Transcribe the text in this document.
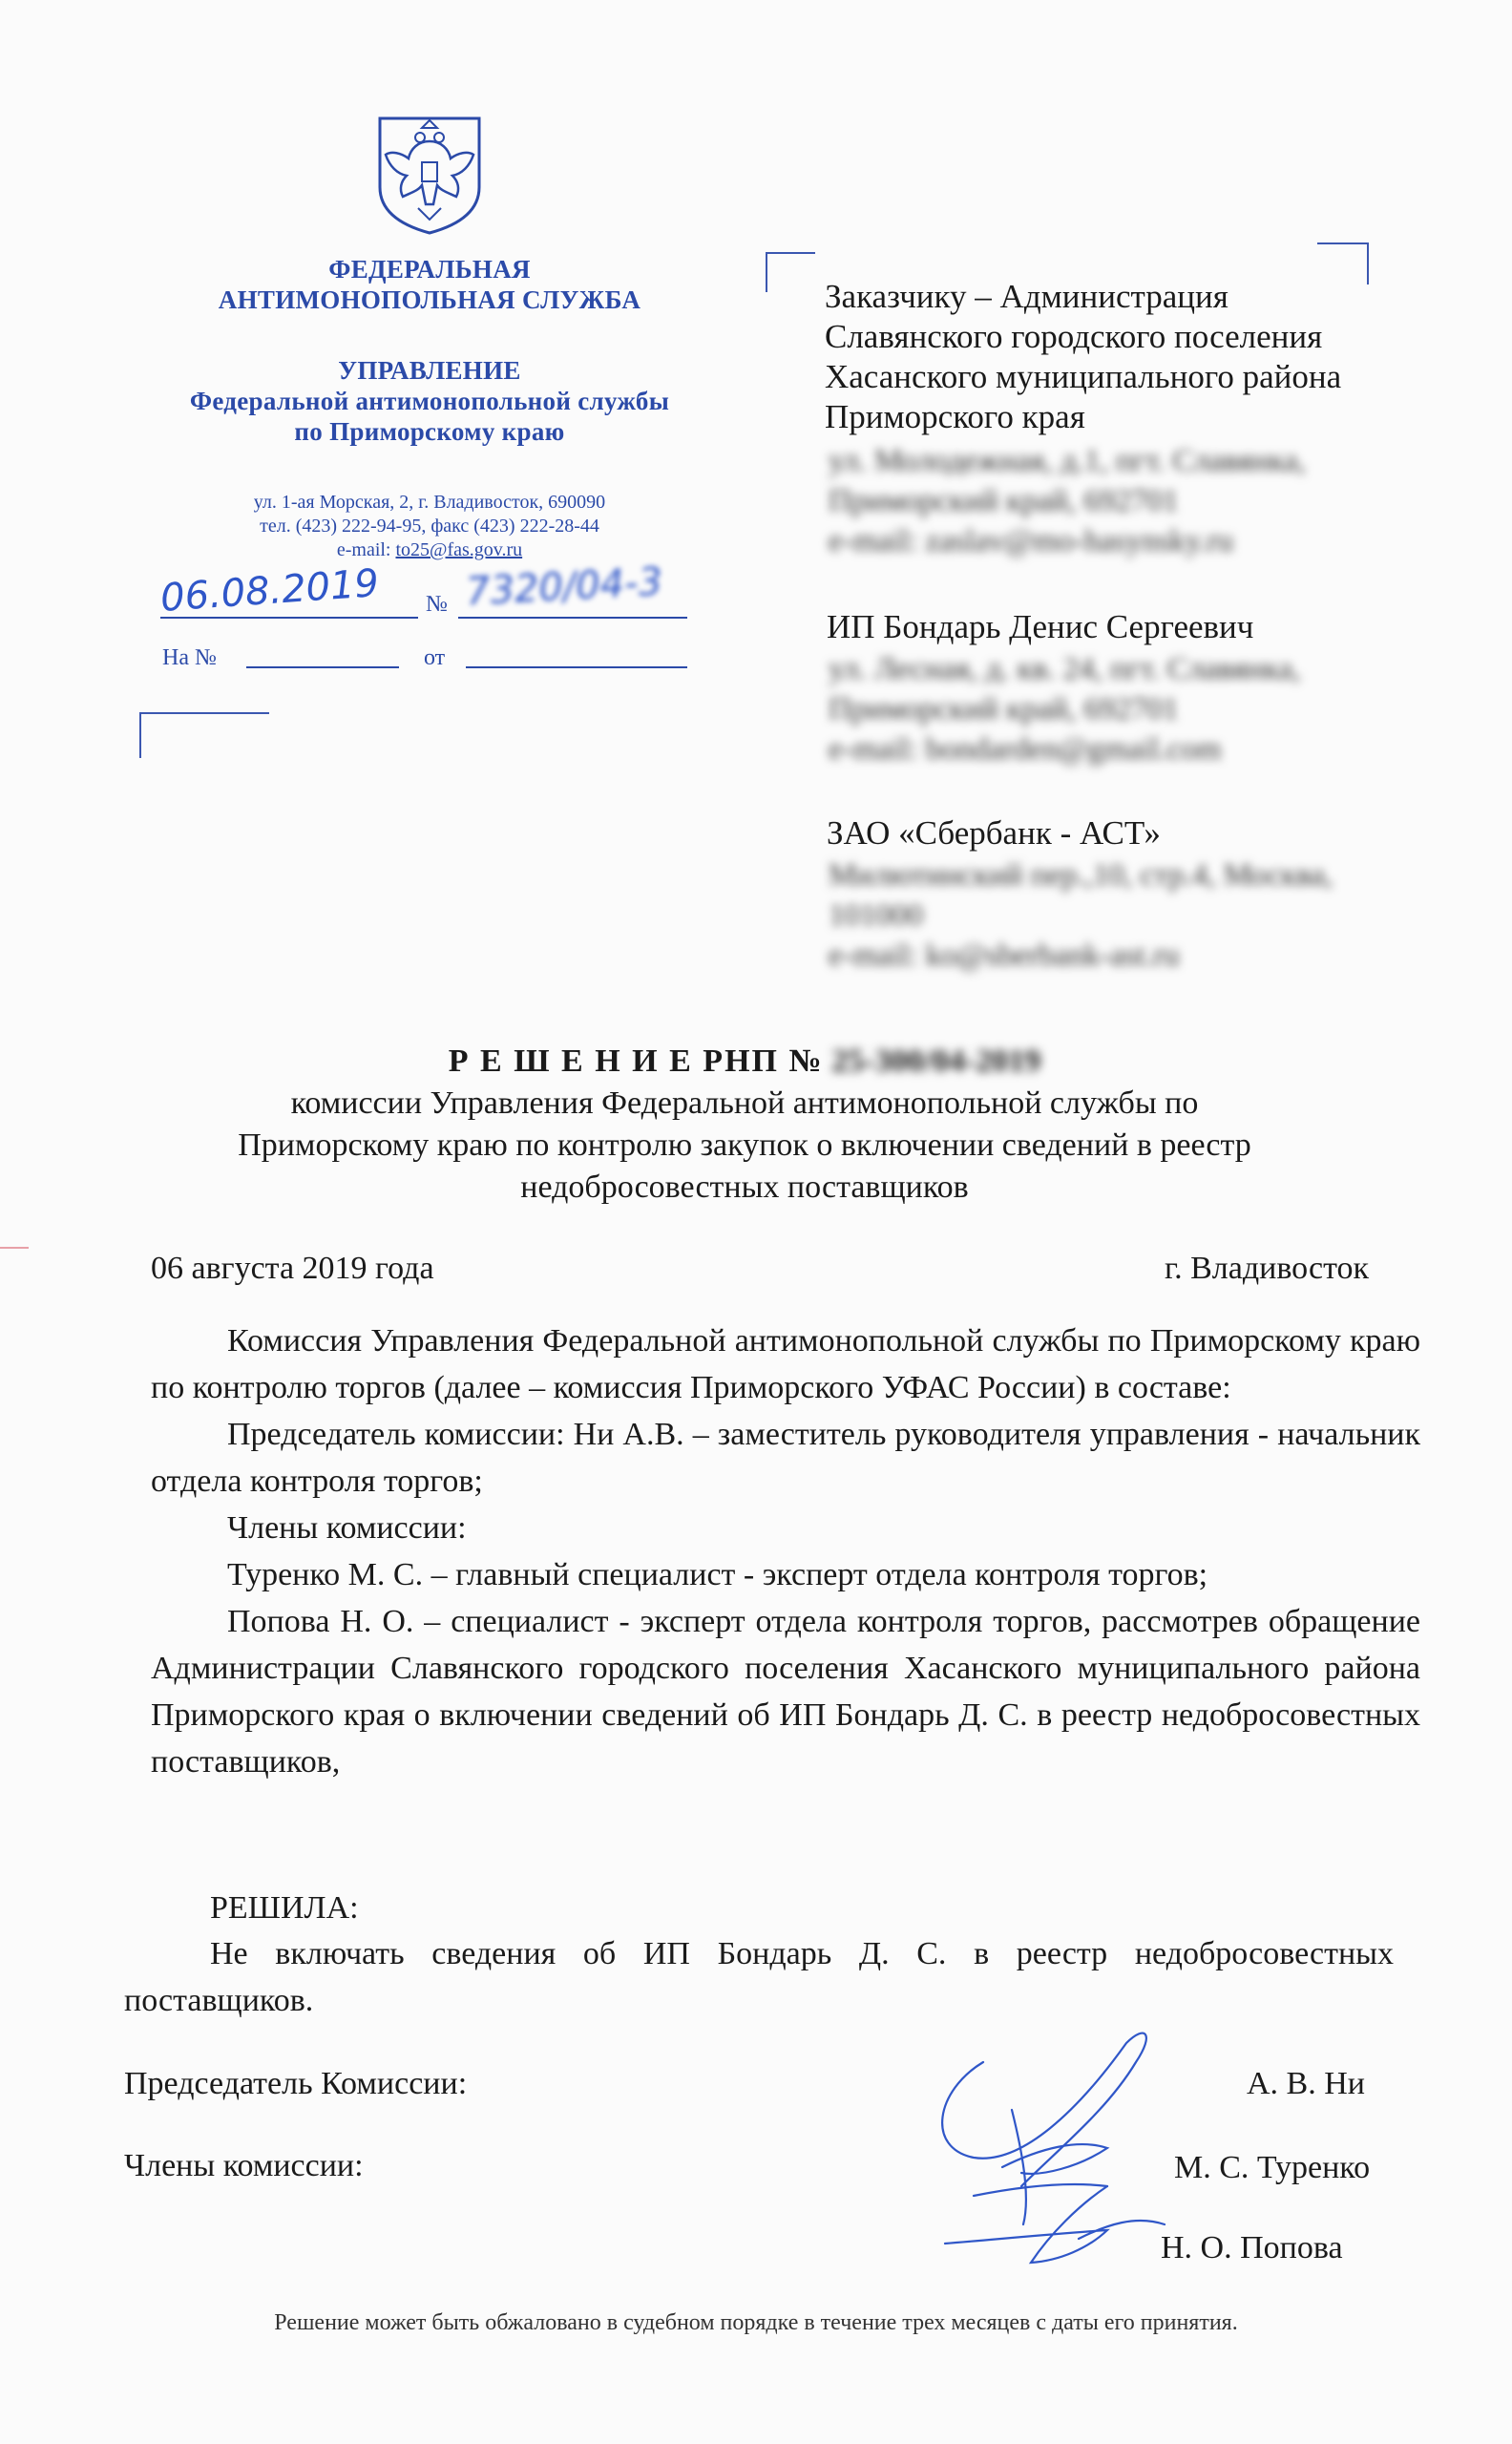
ФЕДЕРАЛЬНАЯ
АНТИМОНОПОЛЬНАЯ СЛУЖБА
УПРАВЛЕНИЕ
Федеральной антимонопольной службы
по Приморскому краю
ул. 1-ая Морская, 2, г. Владивосток, 690090
тел. (423) 222-94-95, факс (423) 222-28-44
e-mail: to25@fas.gov.ru
06.08.2019 № 7320/04-3
На №	от
Заказчику – Администрация
Славянского городского поселения
Хасанского муниципального района
Приморского края
ул. Молодежная, д.1, пгт. Славянка,
Приморский край, 692701
e-mail: zaslav@mo-hasynsky.ru
ИП Бондарь Денис Сергеевич
ул. Лесная, д. кв. 24, пгт. Славянка,
Приморский край, 692701
e-mail: bondarden@gmail.com
ЗАО «Сбербанк - АСТ»
Милютинский пер.,10, стр.4, Москва,
101000
e-mail: ko@sberbank-ast.ru
Р Е Ш Е Н И Е РНП № 25-300/04-2019
комиссии Управления Федеральной антимонопольной службы по
Приморскому краю по контролю закупок о включении сведений в реестр
недобросовестных поставщиков
06 августа 2019 года	г. Владивосток
Комиссия Управления Федеральной антимонопольной службы по Приморскому краю по контролю торгов (далее – комиссия Приморского УФАС России) в составе:
Председатель комиссии: Ни А.В. – заместитель руководителя управления - начальник отдела контроля торгов;
Члены комиссии:
Туренко М. С. – главный специалист - эксперт отдела контроля торгов;
Попова Н. О. – специалист - эксперт отдела контроля торгов, рассмотрев обращение Администрации Славянского городского поселения Хасанского муниципального района Приморского края о включении сведений об ИП Бондарь Д. С. в реестр недобросовестных поставщиков,
РЕШИЛА:
Не включать сведения об ИП Бондарь Д. С. в реестр недобросовестных поставщиков.
Председатель Комиссии:	А. В. Ни
Члены комиссии:	М. С. Туренко
Н. О. Попова
Решение может быть обжаловано в судебном порядке в течение трех месяцев с даты его принятия.
